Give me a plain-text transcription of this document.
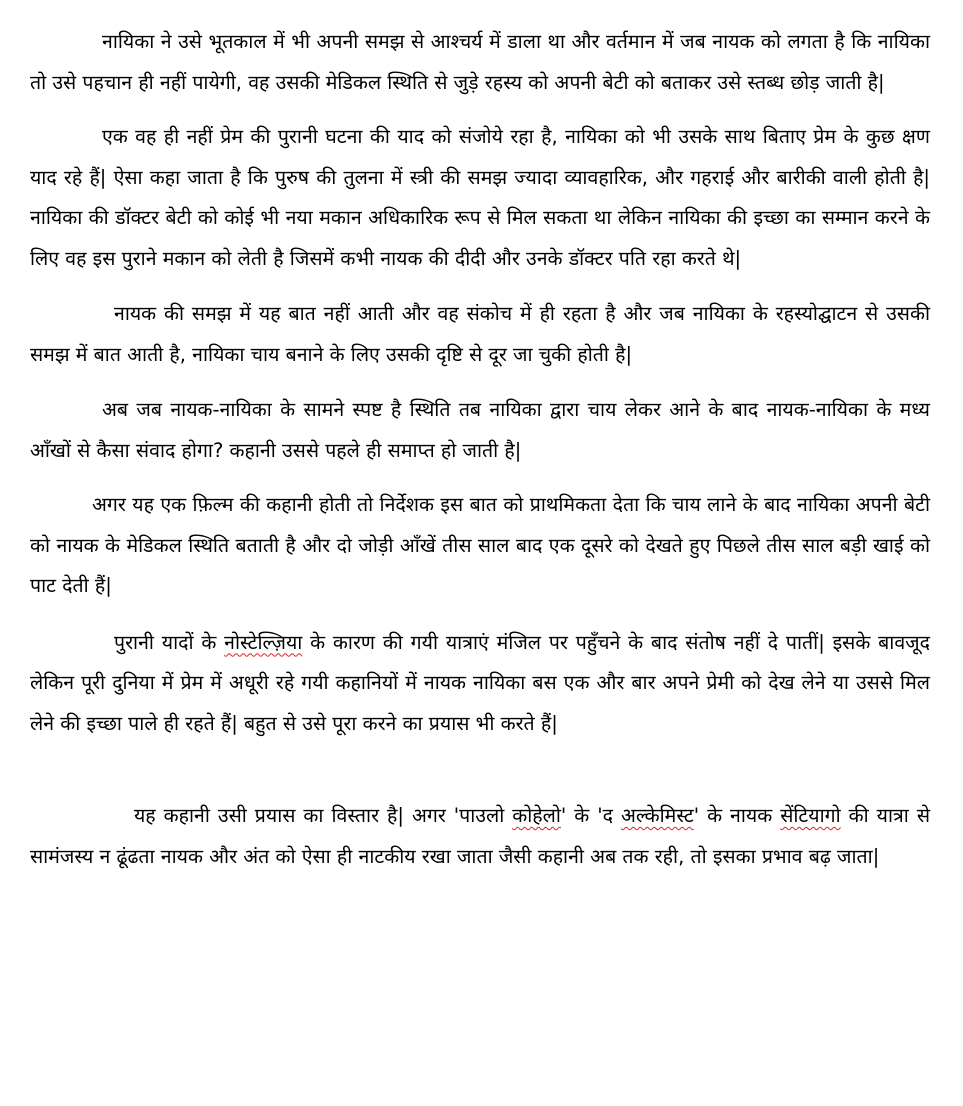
नायिका ने उसे भूतकाल में भी अपनी समझ से आश्चर्य में डाला था और वर्तमान में जब नायक को लगता है कि नायिका तो उसे पहचान ही नहीं पायेगी, वह उसकी मेडिकल स्थिति से जुड़े रहस्य को अपनी बेटी को बताकर उसे स्तब्ध छोड़ जाती है|

एक वह ही नहीं प्रेम की पुरानी घटना की याद को संजोये रहा है, नायिका को भी उसके साथ बिताए प्रेम के कुछ क्षण याद रहे हैं| ऐसा कहा जाता है कि पुरुष की तुलना में स्त्री की समझ ज्यादा व्यावहारिक, और गहराई और बारीकी वाली होती है| नायिका की डॉक्टर बेटी को कोई भी नया मकान अधिकारिक रूप से मिल सकता था लेकिन नायिका की इच्छा का सम्मान करने के लिए वह इस पुराने मकान को लेती है जिसमें कभी नायक की दीदी और उनके डॉक्टर पति रहा करते थे|

नायक की समझ में यह बात नहीं आती और वह संकोच में ही रहता है और जब नायिका के रहस्योद्घाटन से उसकी समझ में बात आती है, नायिका चाय बनाने के लिए उसकी दृष्टि से दूर जा चुकी होती है|

अब जब नायक-नायिका के सामने स्पष्ट है स्थिति तब नायिका द्वारा चाय लेकर आने के बाद नायक-नायिका के मध्य आँखों से कैसा संवाद होगा? कहानी उससे पहले ही समाप्त हो जाती है|

अगर यह एक फ़िल्म की कहानी होती तो निर्देशक इस बात को प्राथमिकता देता कि चाय लाने के बाद नायिका अपनी बेटी को नायक के मेडिकल स्थिति बताती है और दो जोड़ी आँखें तीस साल बाद एक दूसरे को देखते हुए पिछले तीस साल बड़ी खाई को पाट देती हैं|

पुरानी यादों के नोस्टेल्ज़िया के कारण की गयी यात्राएं मंजिल पर पहुँचने के बाद संतोष नहीं दे पातीं| इसके बावजूद लेकिन पूरी दुनिया में प्रेम में अधूरी रहे गयी कहानियों में नायक नायिका बस एक और बार अपने प्रेमी को देख लेने या उससे मिल लेने की इच्छा पाले ही रहते हैं| बहुत से उसे पूरा करने का प्रयास भी करते हैं|

यह कहानी उसी प्रयास का विस्तार है| अगर 'पाउलो कोहेलो' के 'द अल्केमिस्ट' के नायक सेंटियागो की यात्रा से सामंजस्य न ढूंढता नायक और अंत को ऐसा ही नाटकीय रखा जाता जैसी कहानी अब तक रही, तो इसका प्रभाव बढ़ जाता|
